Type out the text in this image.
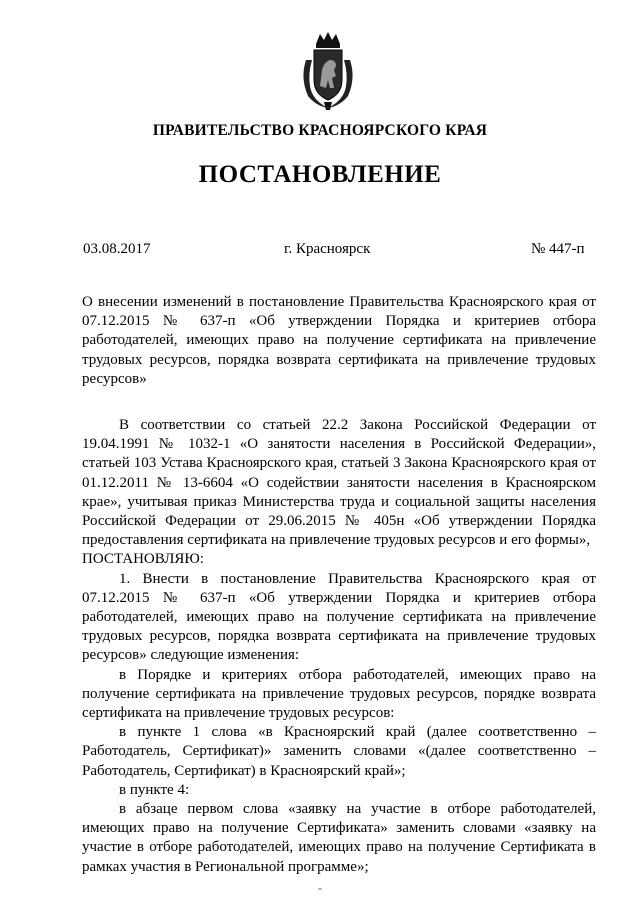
ПРАВИТЕЛЬСТВО КРАСНОЯРСКОГО КРАЯ
ПОСТАНОВЛЕНИЕ
03.08.2017	г. Красноярск	№ 447-п
О внесении изменений в постановление Правительства Красноярского края от 07.12.2015 № 637-п «Об утверждении Порядка и критериев отбора работодателей, имеющих право на получение сертификата на привлечение трудовых ресурсов, порядка возврата сертификата на привлечение трудовых ресурсов»

В соответствии со статьей 22.2 Закона Российской Федерации от 19.04.1991 № 1032-1 «О занятости населения в Российской Федерации», статьей 103 Устава Красноярского края, статьей 3 Закона Красноярского края от 01.12.2011 № 13-6604 «О содействии занятости населения в Красноярском крае», учитывая приказ Министерства труда и социальной защиты населения Российской Федерации от 29.06.2015 № 405н «Об утверждении Порядка предоставления сертификата на привлечение трудовых ресурсов и его формы»,

ПОСТАНОВЛЯЮ:

1. Внести в постановление Правительства Красноярского края от 07.12.2015 № 637-п «Об утверждении Порядка и критериев отбора работодателей, имеющих право на получение сертификата на привлечение трудовых ресурсов, порядка возврата сертификата на привлечение трудовых ресурсов» следующие изменения:

в Порядке и критериях отбора работодателей, имеющих право на получение сертификата на привлечение трудовых ресурсов, порядке возврата сертификата на привлечение трудовых ресурсов:

в пункте 1 слова «в Красноярский край (далее соответственно – Работодатель, Сертификат)» заменить словами «(далее соответственно – Работодатель, Сертификат) в Красноярский край»;

в пункте 4:

в абзаце первом слова «заявку на участие в отборе работодателей, имеющих право на получение Сертификата» заменить словами «заявку на участие в отборе работодателей, имеющих право на получение Сертификата в рамках участия в Региональной программе»;
